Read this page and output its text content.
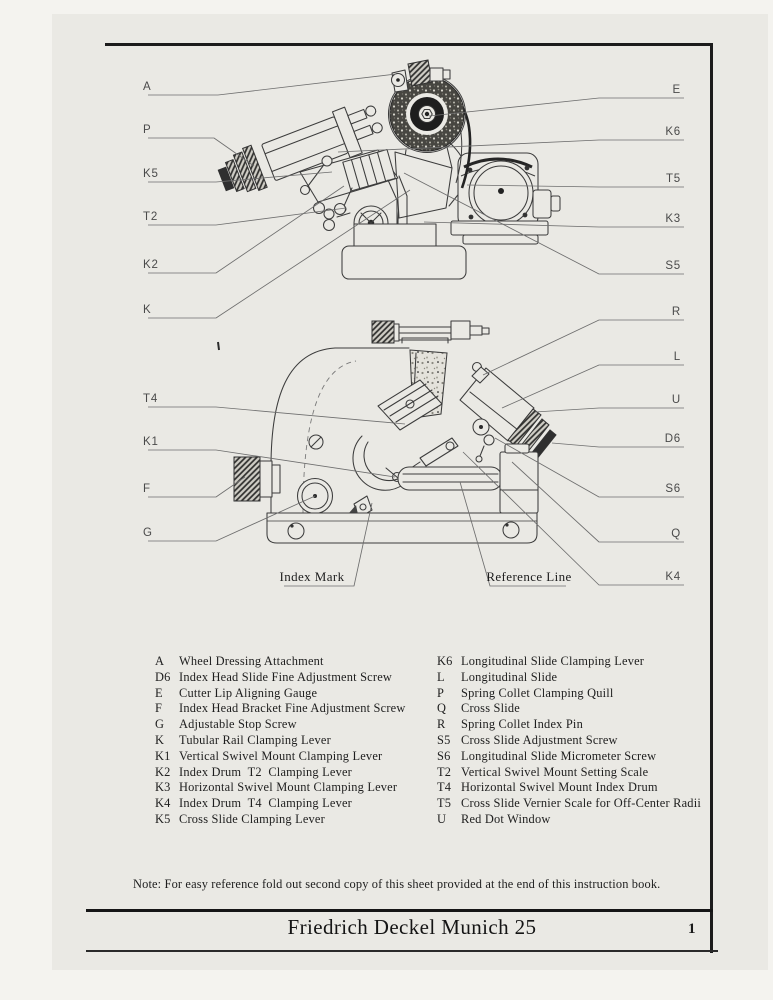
A
P
K5
T2
K2
K
E
K6
T5
K3
S5
R
T4
K1
F
G
L
U
D6
S6
Q
K4
Index Mark	Reference Line
A	Wheel Dressing Attachment
D6 Index Head Slide Fine Adjustment Screw
E	Cutter Lip Aligning Gauge
F	Index Head Bracket Fine Adjustment Screw
G	Adjustable Stop Screw
K	Tubular Rail Clamping Lever
K1 Vertical Swivel Mount Clamping Lever
K2 Index Drum  T2  Clamping Lever
K3 Horizontal Swivel Mount Clamping Lever
K4 Index Drum  T4  Clamping Lever
K5 Cross Slide Clamping Lever
K6 Longitudinal Slide Clamping Lever
L	Longitudinal Slide
P	Spring Collet Clamping Quill
Q	Cross Slide
R	Spring Collet Index Pin
S5 Cross Slide Adjustment Screw
S6 Longitudinal Slide Micrometer Screw
T2 Vertical Swivel Mount Setting Scale
T4 Horizontal Swivel Mount Index Drum
T5 Cross Slide Vernier Scale for Off-Center Radii
U	Red Dot Window
Note: For easy reference fold out second copy of this sheet provided at the end of this instruction book.
Friedrich Deckel Munich 25	1
